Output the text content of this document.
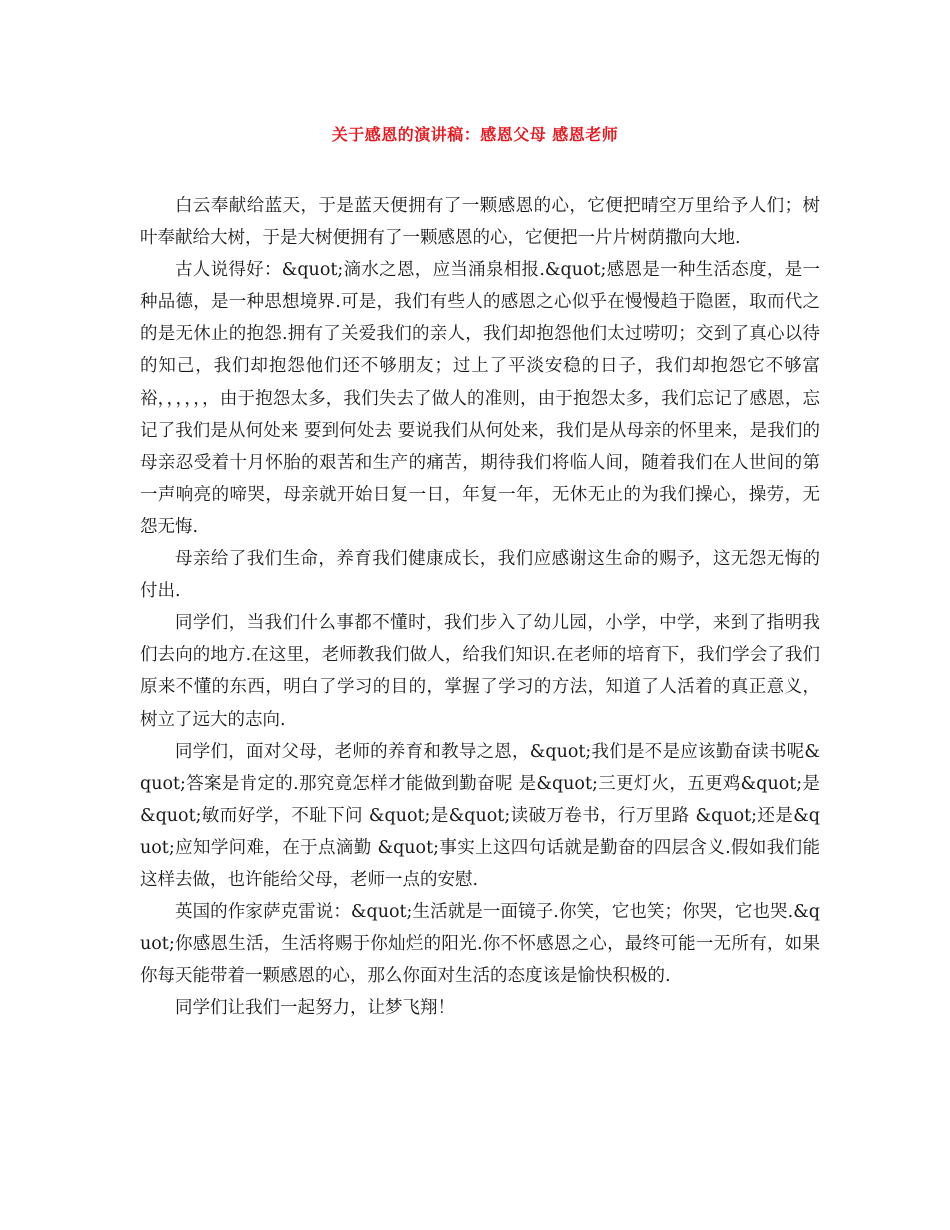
关于感恩的演讲稿：感恩父母 感恩老师

白云奉献给蓝天，于是蓝天便拥有了一颗感恩的心，它便把晴空万里给予人们；树叶奉献给大树，于是大树便拥有了一颗感恩的心，它便把一片片树荫撒向大地.

古人说得好：&quot;滴水之恩，应当涌泉相报.&quot;感恩是一种生活态度，是一种品德，是一种思想境界.可是，我们有些人的感恩之心似乎在慢慢趋于隐匿，取而代之的是无休止的抱怨.拥有了关爱我们的亲人，我们却抱怨他们太过唠叨；交到了真心以待的知己，我们却抱怨他们还不够朋友；过上了平淡安稳的日子，我们却抱怨它不够富裕，，，，，，由于抱怨太多，我们失去了做人的准则，由于抱怨太多，我们忘记了感恩，忘记了我们是从何处来 要到何处去 要说我们从何处来，我们是从母亲的怀里来，是我们的母亲忍受着十月怀胎的艰苦和生产的痛苦，期待我们将临人间，随着我们在人世间的第一声响亮的啼哭，母亲就开始日复一日，年复一年，无休无止的为我们操心，操劳，无怨无悔.

母亲给了我们生命，养育我们健康成长，我们应感谢这生命的赐予，这无怨无悔的付出.

同学们，当我们什么事都不懂时，我们步入了幼儿园，小学，中学，来到了指明我们去向的地方.在这里，老师教我们做人，给我们知识.在老师的培育下，我们学会了我们原来不懂的东西，明白了学习的目的，掌握了学习的方法，知道了人活着的真正意义，树立了远大的志向.

同学们，面对父母，老师的养育和教导之恩，&quot;我们是不是应该勤奋读书呢&quot;答案是肯定的.那究竟怎样才能做到勤奋呢 是&quot;三更灯火，五更鸡&quot;是&quot;敏而好学，不耻下问 &quot;是&quot;读破万卷书，行万里路 &quot;还是&quot;应知学问难，在于点滴勤 &quot;事实上这四句话就是勤奋的四层含义.假如我们能这样去做，也许能给父母，老师一点的安慰.

英国的作家萨克雷说：&quot;生活就是一面镜子.你笑，它也笑；你哭，它也哭.&quot;你感恩生活，生活将赐于你灿烂的阳光.你不怀感恩之心，最终可能一无所有，如果你每天能带着一颗感恩的心，那么你面对生活的态度该是愉快积极的.

同学们让我们一起努力，让梦飞翔！
